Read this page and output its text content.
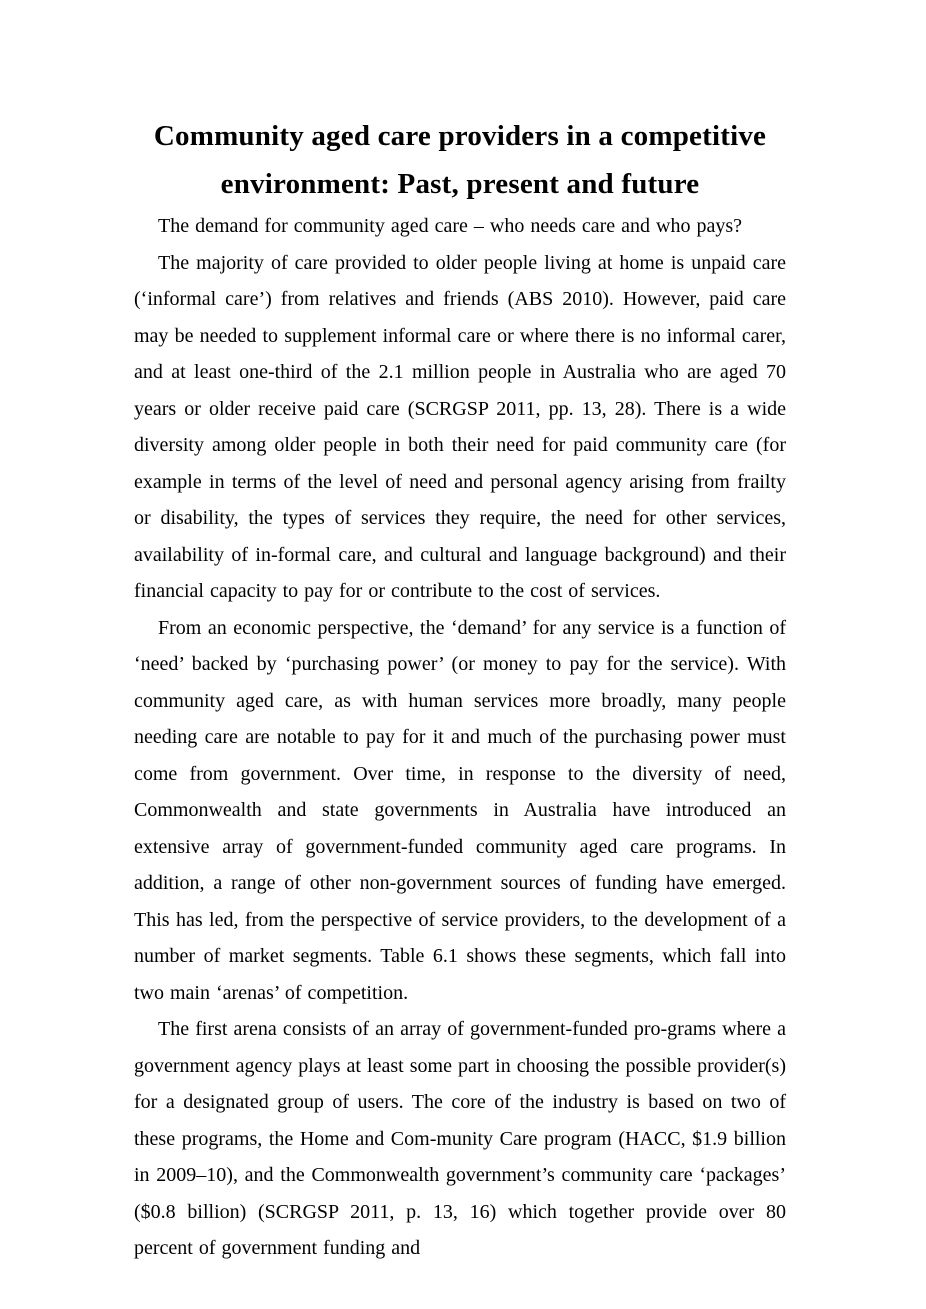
Community aged care providers in a competitive
environment: Past, present and future

The demand for community aged care – who needs care and who pays?

The majority of care provided to older people living at home is unpaid care (‘informal care’) from relatives and friends (ABS 2010). However, paid care may be needed to supplement informal care or where there is no informal carer, and at least one-third of the 2.1 million people in Australia who are aged 70 years or older receive paid care (SCRGSP 2011, pp. 13, 28). There is a wide diversity among older people in both their need for paid community care (for example in terms of the level of need and personal agency arising from frailty or disability, the types of services they require, the need for other services, availability of in-formal care, and cultural and language background) and their financial capacity to pay for or contribute to the cost of services.

From an economic perspective, the ‘demand’ for any service is a function of ‘need’ backed by ‘purchasing power’ (or money to pay for the service). With community aged care, as with human services more broadly, many people needing care are notable to pay for it and much of the purchasing power must come from government. Over time, in response to the diversity of need, Commonwealth and state governments in Australia have introduced an extensive array of government-funded community aged care programs. In addition, a range of other non-government sources of funding have emerged. This has led, from the perspective of service providers, to the development of a number of market segments. Table 6.1 shows these segments, which fall into two main ‘arenas’ of competition.

The first arena consists of an array of government-funded pro-grams where a government agency plays at least some part in choosing the possible provider(s) for a designated group of users. The core of the industry is based on two of these programs, the Home and Com-munity Care program (HACC, $1.9 billion in 2009–10), and the Commonwealth government’s community care ‘packages’ ($0.8 billion) (SCRGSP 2011, p. 13, 16) which together provide over 80 percent of government funding and
